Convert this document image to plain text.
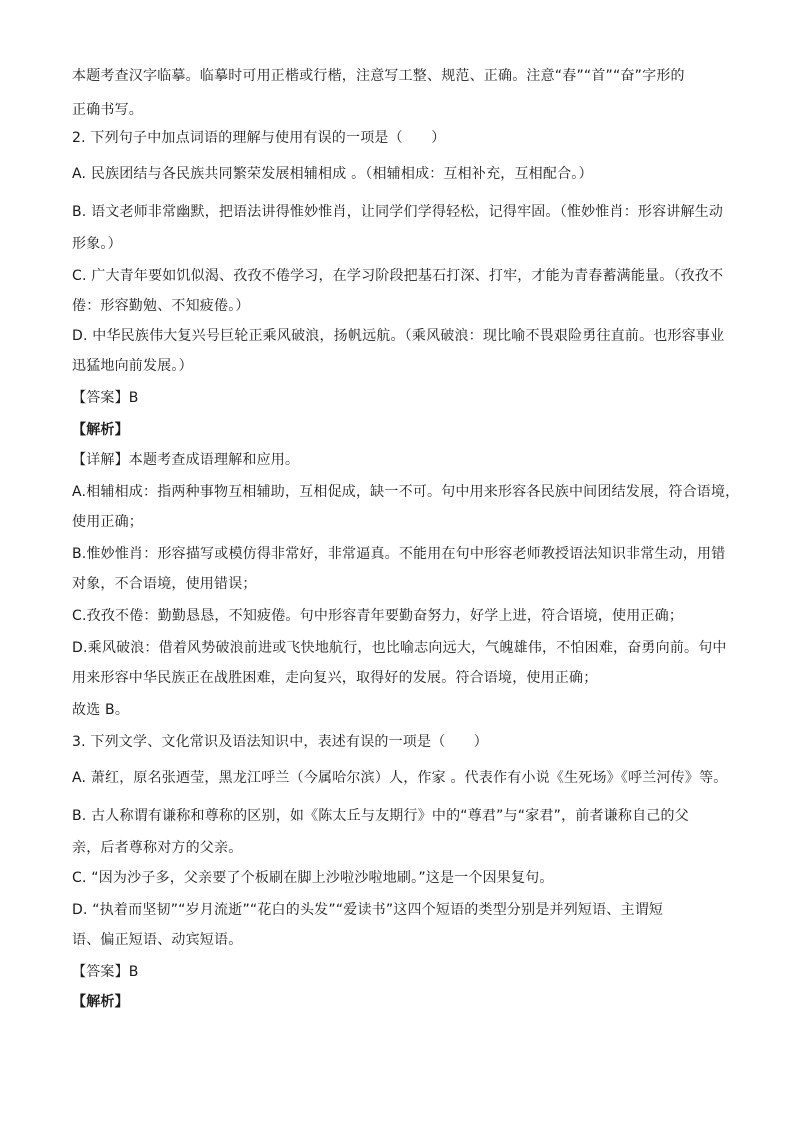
本题考查汉字临摹。临摹时可用正楷或行楷，注意写工整、规范、正确。注意“春”“首”“奋”字形的
正确书写。
2. 下列句子中加点词语的理解与使用有误的一项是（　　）
A. 民族团结与各民族共同繁荣发展相辅相成 。（相辅相成：互相补充，互相配合。）
B. 语文老师非常幽默，把语法讲得惟妙惟肖，让同学们学得轻松，记得牢固。（惟妙惟肖：形容讲解生动
形象。）
C. 广大青年要如饥似渴、孜孜不倦学习，在学习阶段把基石打深、打牢，才能为青春蓄满能量。（孜孜不
倦：形容勤勉、不知疲倦。）
D. 中华民族伟大复兴号巨轮正乘风破浪，扬帆远航。（乘风破浪：现比喻不畏艰险勇往直前。也形容事业
迅猛地向前发展。）
【答案】B
【解析】
【详解】本题考查成语理解和应用。
A.相辅相成：指两种事物互相辅助，互相促成，缺一不可。句中用来形容各民族中间团结发展，符合语境，
使用正确；
B.惟妙惟肖：形容描写或模仿得非常好，非常逼真。不能用在句中形容老师教授语法知识非常生动，用错
对象，不合语境，使用错误；
C.孜孜不倦：勤勤恳恳，不知疲倦。句中形容青年要勤奋努力，好学上进，符合语境，使用正确；
D.乘风破浪：借着风势破浪前进或飞快地航行，也比喻志向远大，气魄雄伟，不怕困难，奋勇向前。句中
用来形容中华民族正在战胜困难，走向复兴，取得好的发展。符合语境，使用正确；
故选 B。
3. 下列文学、文化常识及语法知识中，表述有误的一项是（　　）
A. 萧红，原名张迺莹，黑龙江呼兰（今属哈尔滨）人，作家 。代表作有小说《生死场》《呼兰河传》等。
B. 古人称谓有谦称和尊称的区别，如《陈太丘与友期行》中的“尊君”与“家君”，前者谦称自己的父
亲，后者尊称对方的父亲。
C. “因为沙子多，父亲要了个板刷在脚上沙啦沙啦地刷。”这是一个因果复句。
D. “执着而坚韧”“岁月流逝”“花白的头发”“爱读书”这四个短语的类型分别是并列短语、主谓短
语、偏正短语、动宾短语。
【答案】B
【解析】
